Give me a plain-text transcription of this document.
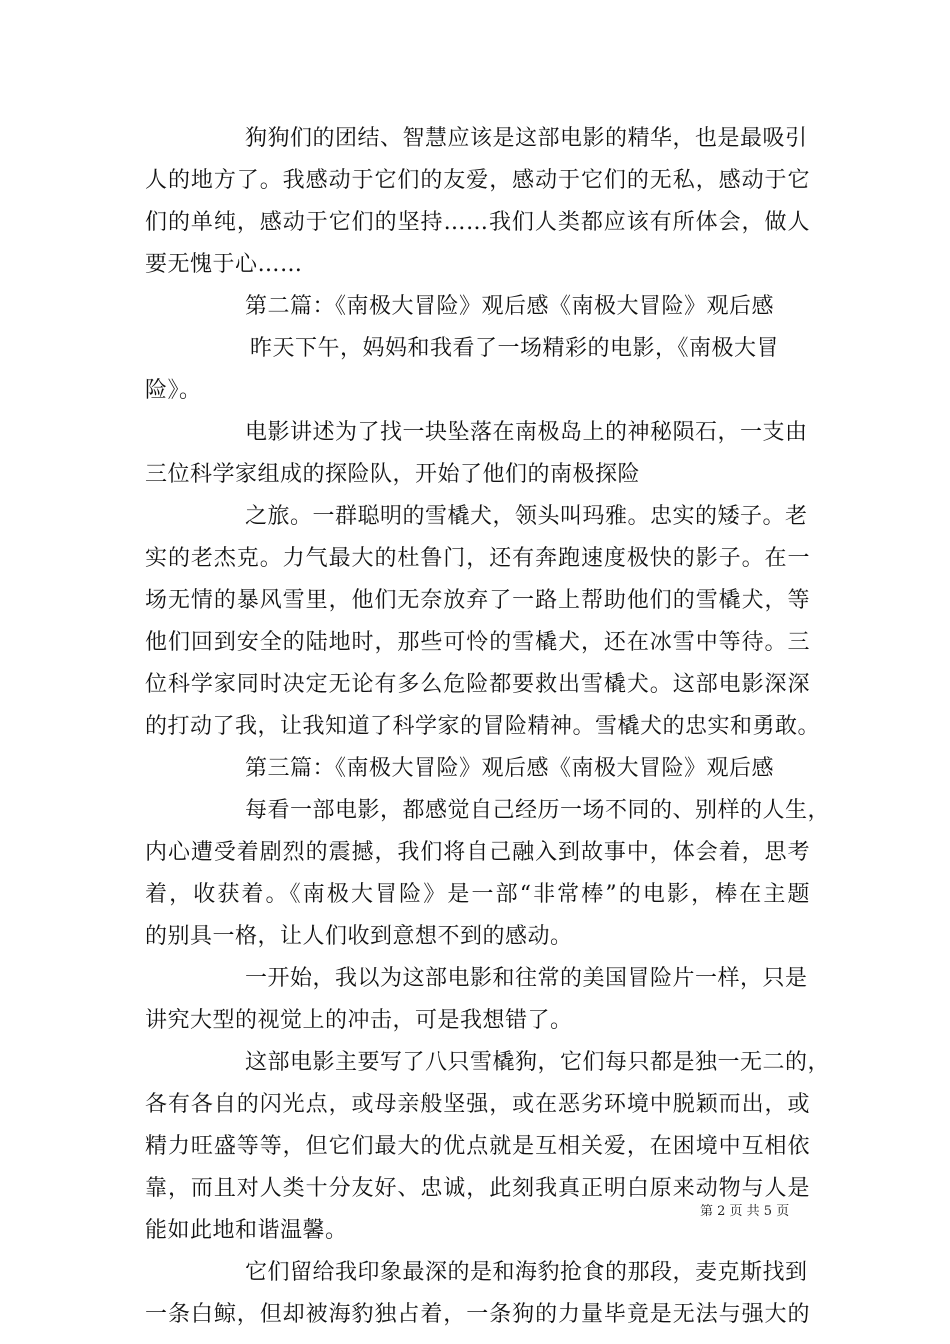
狗狗们的团结、智慧应该是这部电影的精华，也是最吸引
人的地方了。我感动于它们的友爱，感动于它们的无私，感动于它
们的单纯，感动于它们的坚持……我们人类都应该有所体会，做人
要无愧于心……
第二篇：《南极大冒险》观后感《南极大冒险》观后感
昨天下午，妈妈和我看了一场精彩的电影，《南极大冒
险》。
电影讲述为了找一块坠落在南极岛上的神秘陨石，一支由
三位科学家组成的探险队，开始了他们的南极探险
之旅。一群聪明的雪橇犬，领头叫玛雅。忠实的矮子。老
实的老杰克。力气最大的杜鲁门，还有奔跑速度极快的影子。在一
场无情的暴风雪里，他们无奈放弃了一路上帮助他们的雪橇犬，等
他们回到安全的陆地时，那些可怜的雪橇犬，还在冰雪中等待。三
位科学家同时决定无论有多么危险都要救出雪橇犬。这部电影深深
的打动了我，让我知道了科学家的冒险精神。雪橇犬的忠实和勇敢。
第三篇：《南极大冒险》观后感《南极大冒险》观后感
每看一部电影，都感觉自己经历一场不同的、别样的人生，
内心遭受着剧烈的震撼，我们将自己融入到故事中，体会着，思考
着，收获着。《南极大冒险》是一部“非常棒”的电影，棒在主题
的别具一格，让人们收到意想不到的感动。
一开始，我以为这部电影和往常的美国冒险片一样，只是
讲究大型的视觉上的冲击，可是我想错了。
这部电影主要写了八只雪橇狗，它们每只都是独一无二的，
各有各自的闪光点，或母亲般坚强，或在恶劣环境中脱颖而出，或
精力旺盛等等，但它们最大的优点就是互相关爱，在困境中互相依
靠，而且对人类十分友好、忠诚，此刻我真正明白原来动物与人是
能如此地和谐温馨。
它们留给我印象最深的是和海豹抢食的那段，麦克斯找到
一条白鲸，但却被海豹独占着，一条狗的力量毕竟是无法与强大的
第 2 页 共 5 页
